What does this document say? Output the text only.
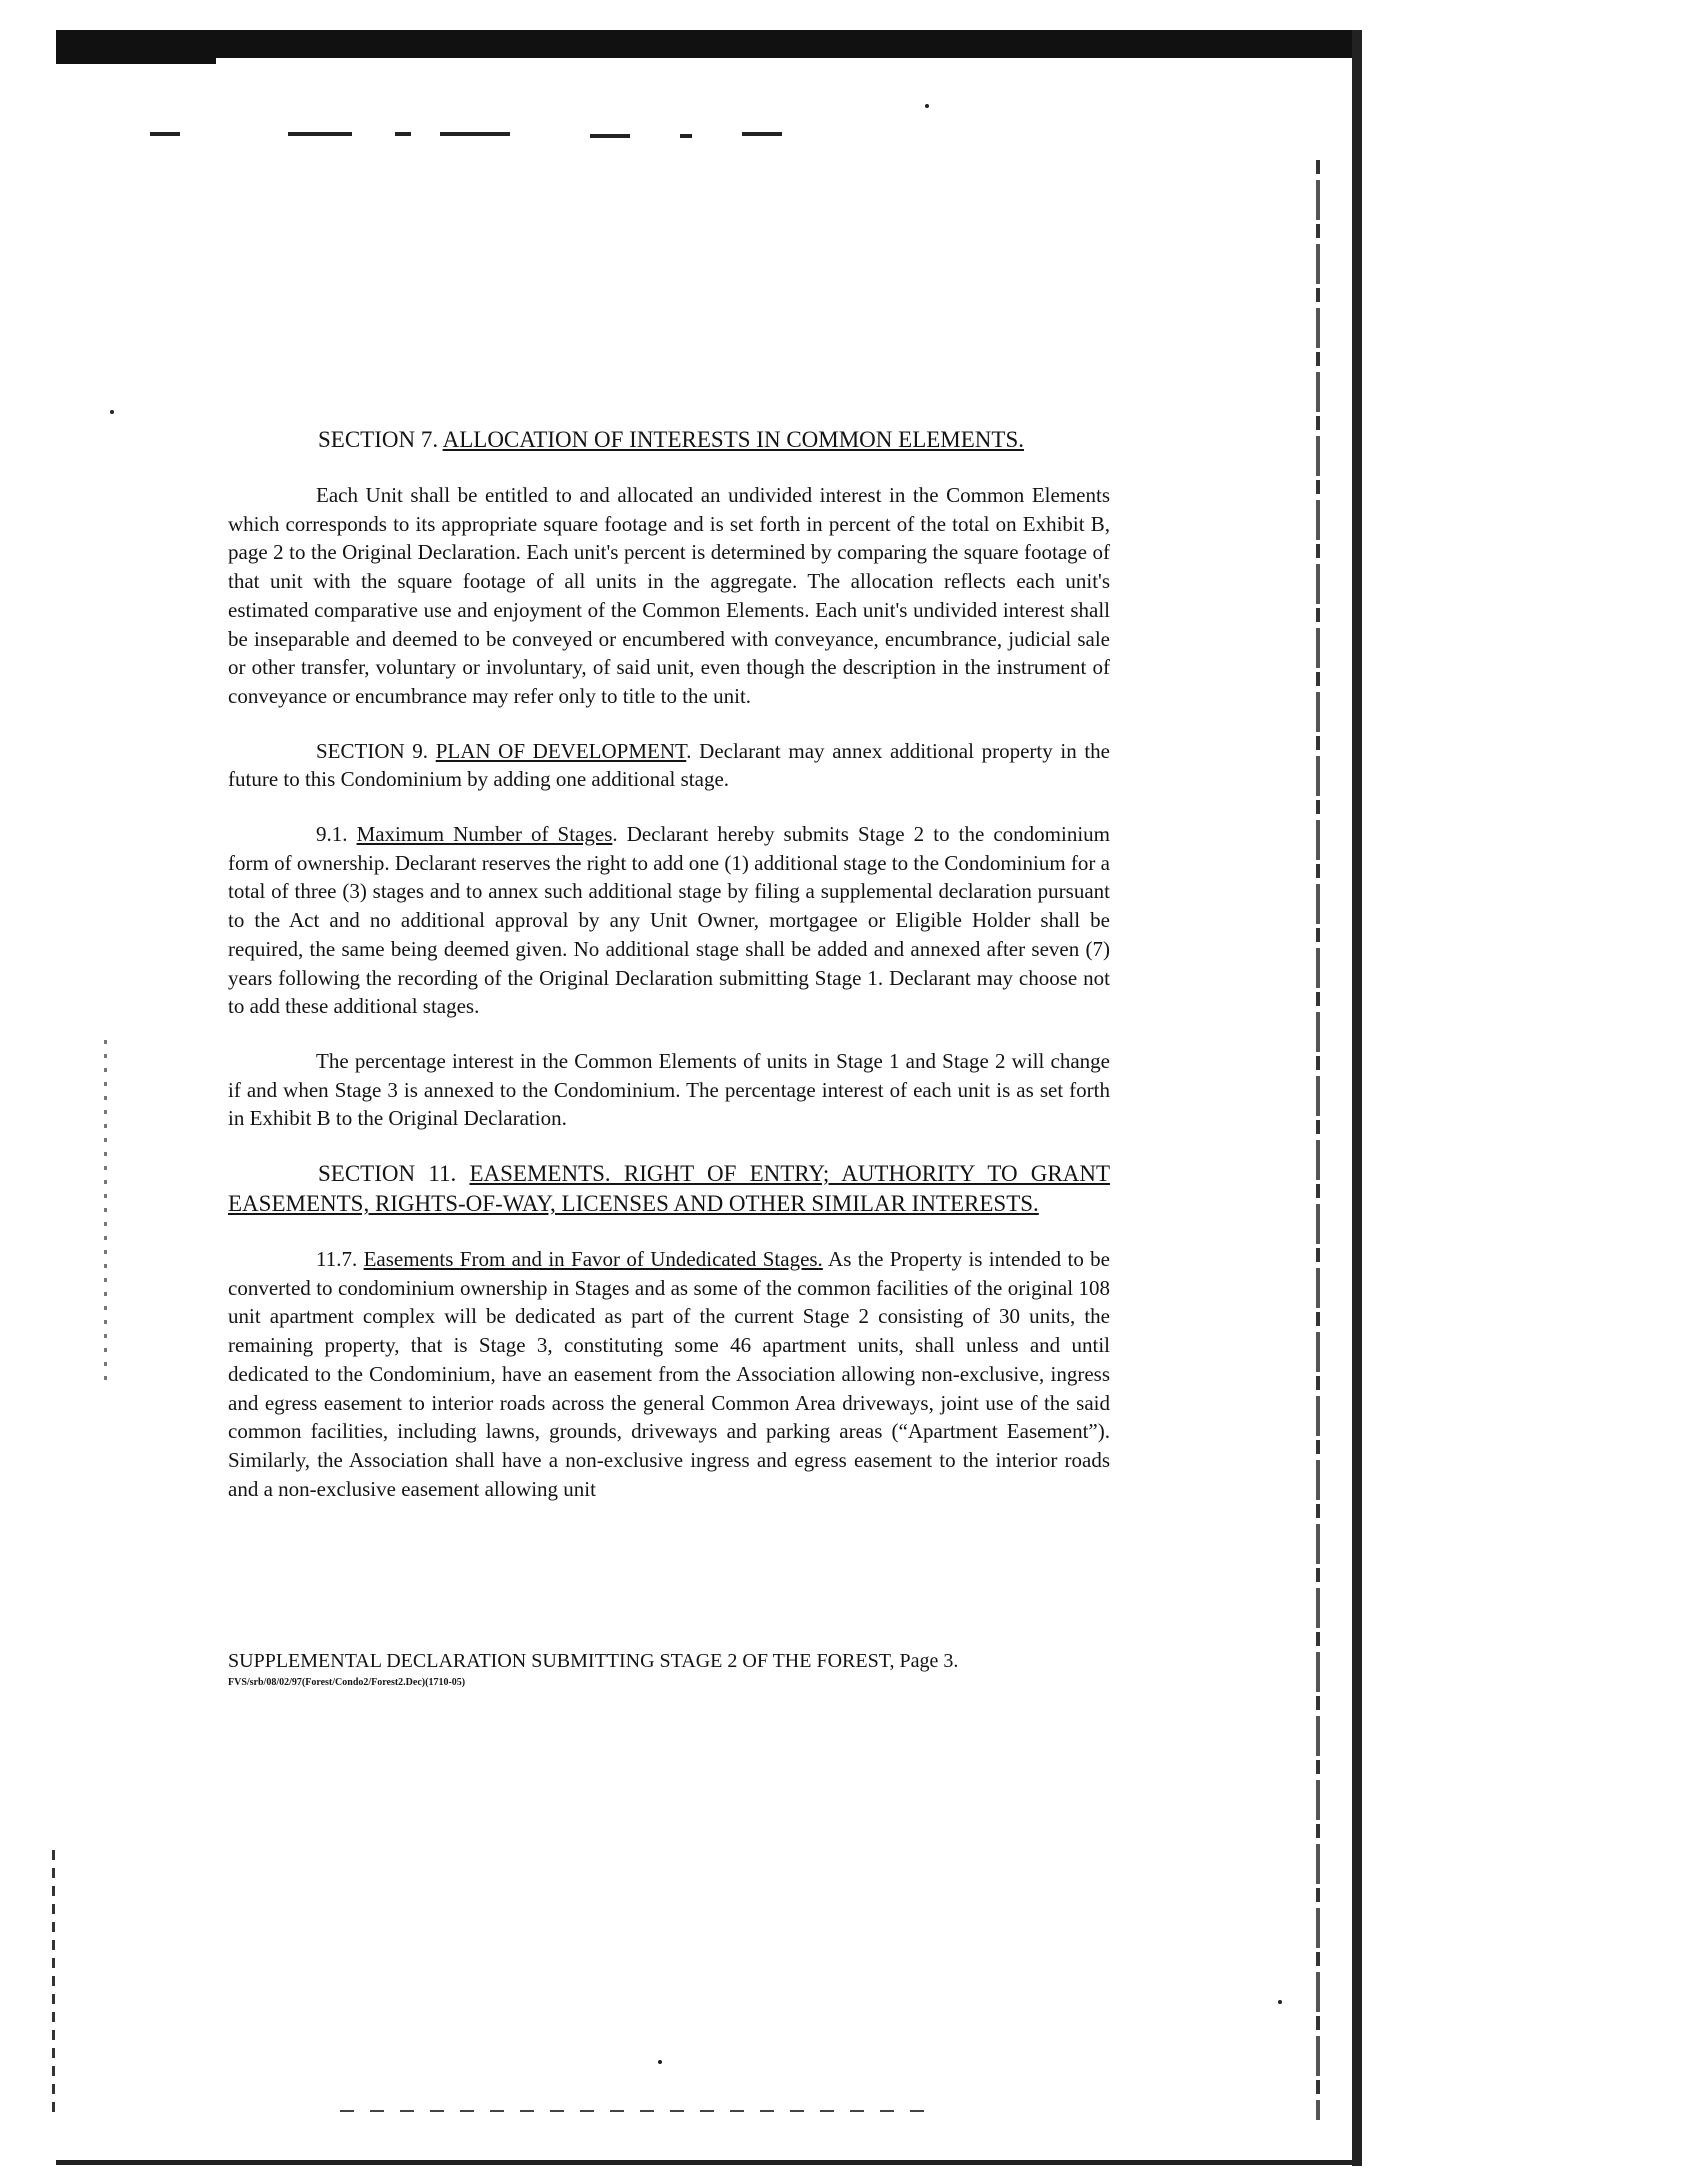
SECTION 7. ALLOCATION OF INTERESTS IN COMMON ELEMENTS.

Each Unit shall be entitled to and allocated an undivided interest in the Common Elements which corresponds to its appropriate square footage and is set forth in percent of the total on Exhibit B, page 2 to the Original Declaration. Each unit's percent is determined by comparing the square footage of that unit with the square footage of all units in the aggregate. The allocation reflects each unit's estimated comparative use and enjoyment of the Common Elements. Each unit's undivided interest shall be inseparable and deemed to be conveyed or encumbered with conveyance, encumbrance, judicial sale or other transfer, voluntary or involuntary, of said unit, even though the description in the instrument of conveyance or encumbrance may refer only to title to the unit.

SECTION 9. PLAN OF DEVELOPMENT. Declarant may annex additional property in the future to this Condominium by adding one additional stage.

9.1. Maximum Number of Stages. Declarant hereby submits Stage 2 to the condominium form of ownership. Declarant reserves the right to add one (1) additional stage to the Condominium for a total of three (3) stages and to annex such additional stage by filing a supplemental declaration pursuant to the Act and no additional approval by any Unit Owner, mortgagee or Eligible Holder shall be required, the same being deemed given. No additional stage shall be added and annexed after seven (7) years following the recording of the Original Declaration submitting Stage 1. Declarant may choose not to add these additional stages.

The percentage interest in the Common Elements of units in Stage 1 and Stage 2 will change if and when Stage 3 is annexed to the Condominium. The percentage interest of each unit is as set forth in Exhibit B to the Original Declaration.

SECTION 11. EASEMENTS. RIGHT OF ENTRY; AUTHORITY TO GRANT EASEMENTS, RIGHTS-OF-WAY, LICENSES AND OTHER SIMILAR INTERESTS.

11.7. Easements From and in Favor of Undedicated Stages. As the Property is intended to be converted to condominium ownership in Stages and as some of the common facilities of the original 108 unit apartment complex will be dedicated as part of the current Stage 2 consisting of 30 units, the remaining property, that is Stage 3, constituting some 46 apartment units, shall unless and until dedicated to the Condominium, have an easement from the Association allowing non-exclusive, ingress and egress easement to interior roads across the general Common Area driveways, joint use of the said common facilities, including lawns, grounds, driveways and parking areas (“Apartment Easement”). Similarly, the Association shall have a non-exclusive ingress and egress easement to the interior roads and a non-exclusive easement allowing unit

SUPPLEMENTAL DECLARATION SUBMITTING STAGE 2 OF THE FOREST, Page 3.

FVS/srb/08/02/97(Forest/Condo2/Forest2.Dec)(1710-05)
